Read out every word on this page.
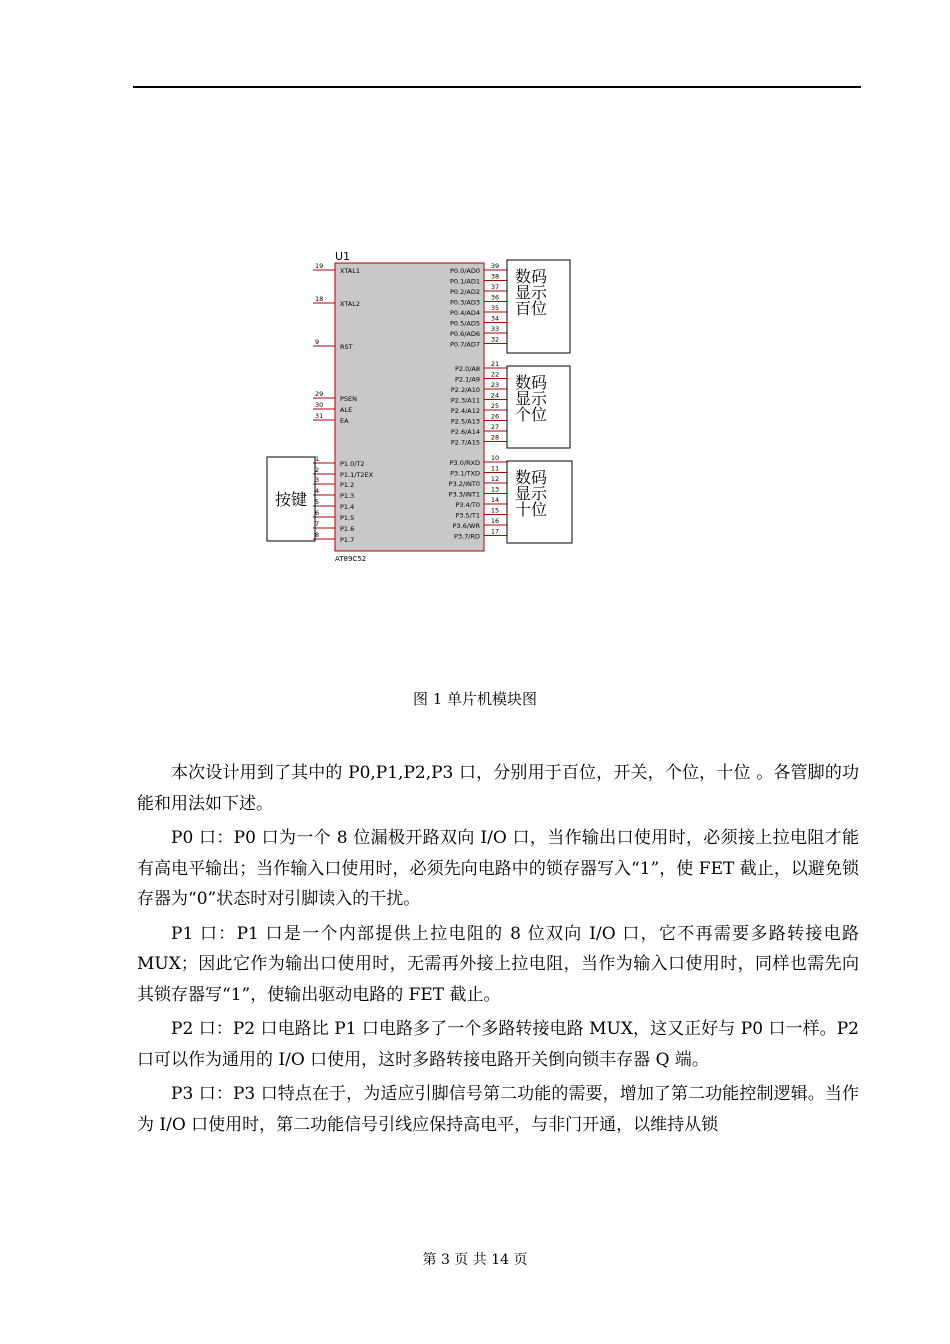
U1
AT89C52
19
XTAL1
18
XTAL2
9
RST
29
PSEN
30
ALE
31
EA
1
P1.0/T2
2
P1.1/T2EX
3
P1.2
4
P1.3
5
P1.4
6
P1.5
7
P1.6
8
P1.7
39
P0.0/AD0
38
P0.1/AD1
37
P0.2/AD2
36
P0.3/AD3
35
P0.4/AD4
34
P0.5/AD5
33
P0.6/AD6
32
P0.7/AD7
21
P2.0/A8
22
P2.1/A9
23
P2.2/A10
24
P2.3/A11
25
P2.4/A12
26
P2.5/A13
27
P2.6/A14
28
P2.7/A15
10
P3.0/RXD
11
P3.1/TXD
12
P3.2/INT0
13
P3.3/INT1
14
P3.4/T0
15
P3.5/T1
16
P3.6/WR
17
P3.7/RD
数码
显示
百位
数码
显示
个位
数码
显示
十位
按键
图 1 单片机模块图

本次设计用到了其中的 P0,P1,P2,P3 口，分别用于百位，开关，个位，十位 。各管脚的功能和用法如下述。

P0 口：P0 口为一个 8 位漏极开路双向 I/O 口，当作输出口使用时，必须接上拉电阻才能有高电平输出；当作输入口使用时，必须先向电路中的锁存器写入“1”，使 FET 截止，以避免锁存器为“0”状态时对引脚读入的干扰。

P1 口：P1 口是一个内部提供上拉电阻的 8 位双向 I/O 口，它不再需要多路转接电路 MUX；因此它作为输出口使用时，无需再外接上拉电阻，当作为输入口使用时，同样也需先向其锁存器写“1”，使输出驱动电路的 FET 截止。

P2 口：P2 口电路比 P1 口电路多了一个多路转接电路 MUX，这又正好与 P0 口一样。P2 口可以作为通用的 I/O 口使用，这时多路转接电路开关倒向锁丰存器 Q 端。

P3 口：P3 口特点在于，为适应引脚信号第二功能的需要，增加了第二功能控制逻辑。当作为 I/O 口使用时，第二功能信号引线应保持高电平，与非门开通，以维持从锁

第 3 页 共 14 页
